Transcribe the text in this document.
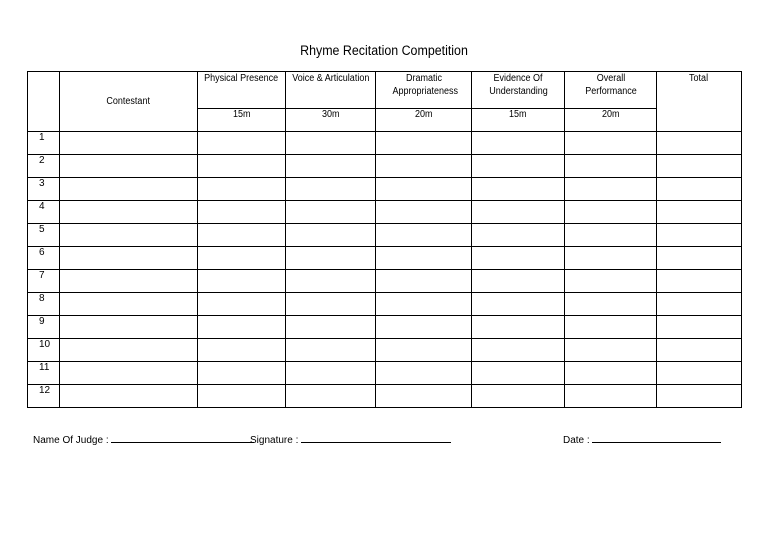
Rhyme Recitation Competition
	Contestant	Physical Presence	Voice & Articulation	Dramatic Appropriateness	Evidence Of Understanding	Overall Performance	Total
		15m	30m	20m	15m	20m	
1							
2							
3							
4							
5							
6							
7							
8							
9							
10							
11							
12							
Name Of Judge :	Signature :	Date :
